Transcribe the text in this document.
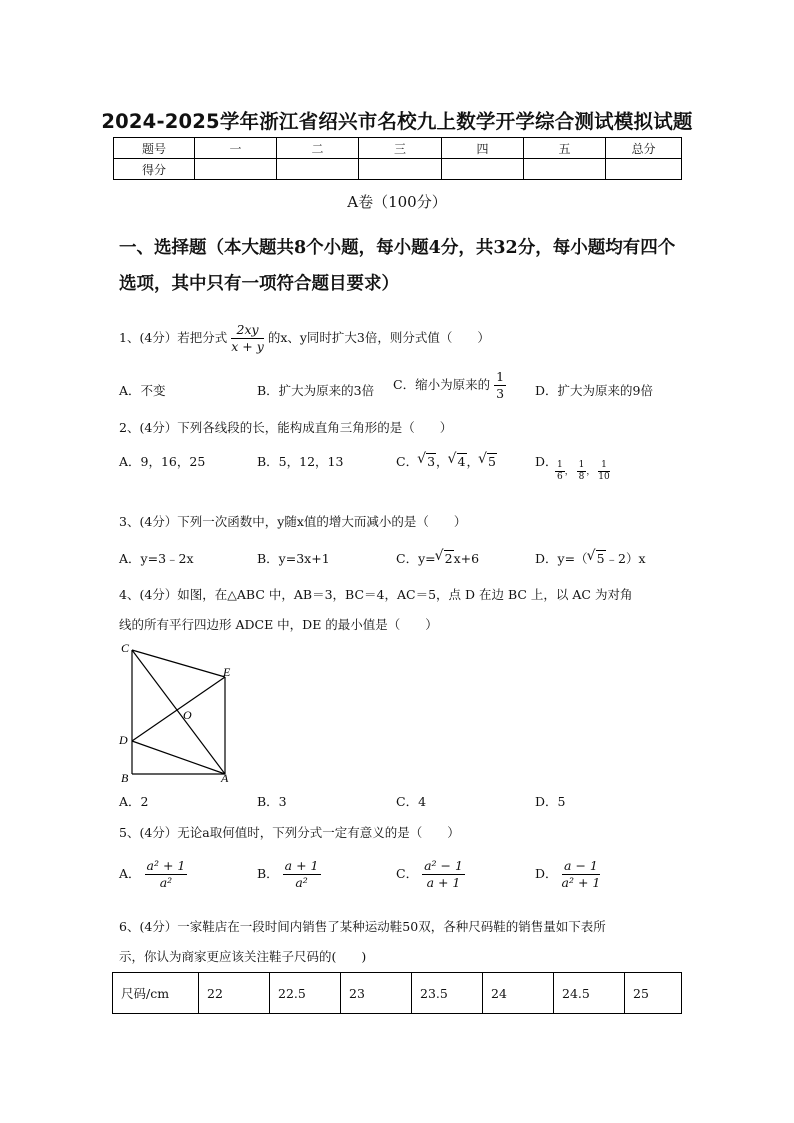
2024-2025学年浙江省绍兴市名校九上数学开学综合测试模拟试题
题号	一	二	三	四	五	总分
得分						
A卷（100分）
一、选择题（本大题共8个小题，每小题4分，共32分，每小题均有四个选项，其中只有一项符合题目要求）
1、(4分）若把分式 $\frac{2xy}{x + y}$ 的x、y同时扩大3倍，则分式值（　　）
A．不变	B．扩大为原来的3倍 C．缩小为原来的 $\frac{1}{3}$ D．扩大为原来的9倍
2、(4分）下列各线段的长，能构成直角三角形的是（　　）
A．9，16，25	B．5，12，13	C． √ 3， √ 4， √ 5	D．
$\frac{1}{6}$ ， $\frac{1}{8}$ ， $\frac{1}{10}$
3、(4分）下列一次函数中，y随x值的增大而减小的是（　　）
A．y=3﹣2x	B．y=3x+1	C．y= √ 2x+6	D．y=（ √ 5﹣2）x
4、(4分）如图，在△ABC 中，AB＝3，BC＝4，AC＝5，点 D 在边 BC 上，以 AC 为对角
线的所有平行四边形 ADCE 中，DE 的最小值是（　　）
C
E
O
D
B	A
A．2	B．3	C．4	D．5
5、(4分）无论a取何值时，下列分式一定有意义的是（　　）
A． $\frac{\text{a² + 1}}{\text{a²}}$	B． $\frac{a + 1}{\text{a²}}$	C． $\frac{\text{a² − 1}}{a + 1}$	D． $\frac{a - 1}{\text{a² + 1}}$
6、(4分）一家鞋店在一段时间内销售了某种运动鞋50双，各种尺码鞋的销售量如下表所
示，你认为商家更应该关注鞋子尺码的(　　)
尺码/cm	22	22.5	23	23.5	24	24.5	25
